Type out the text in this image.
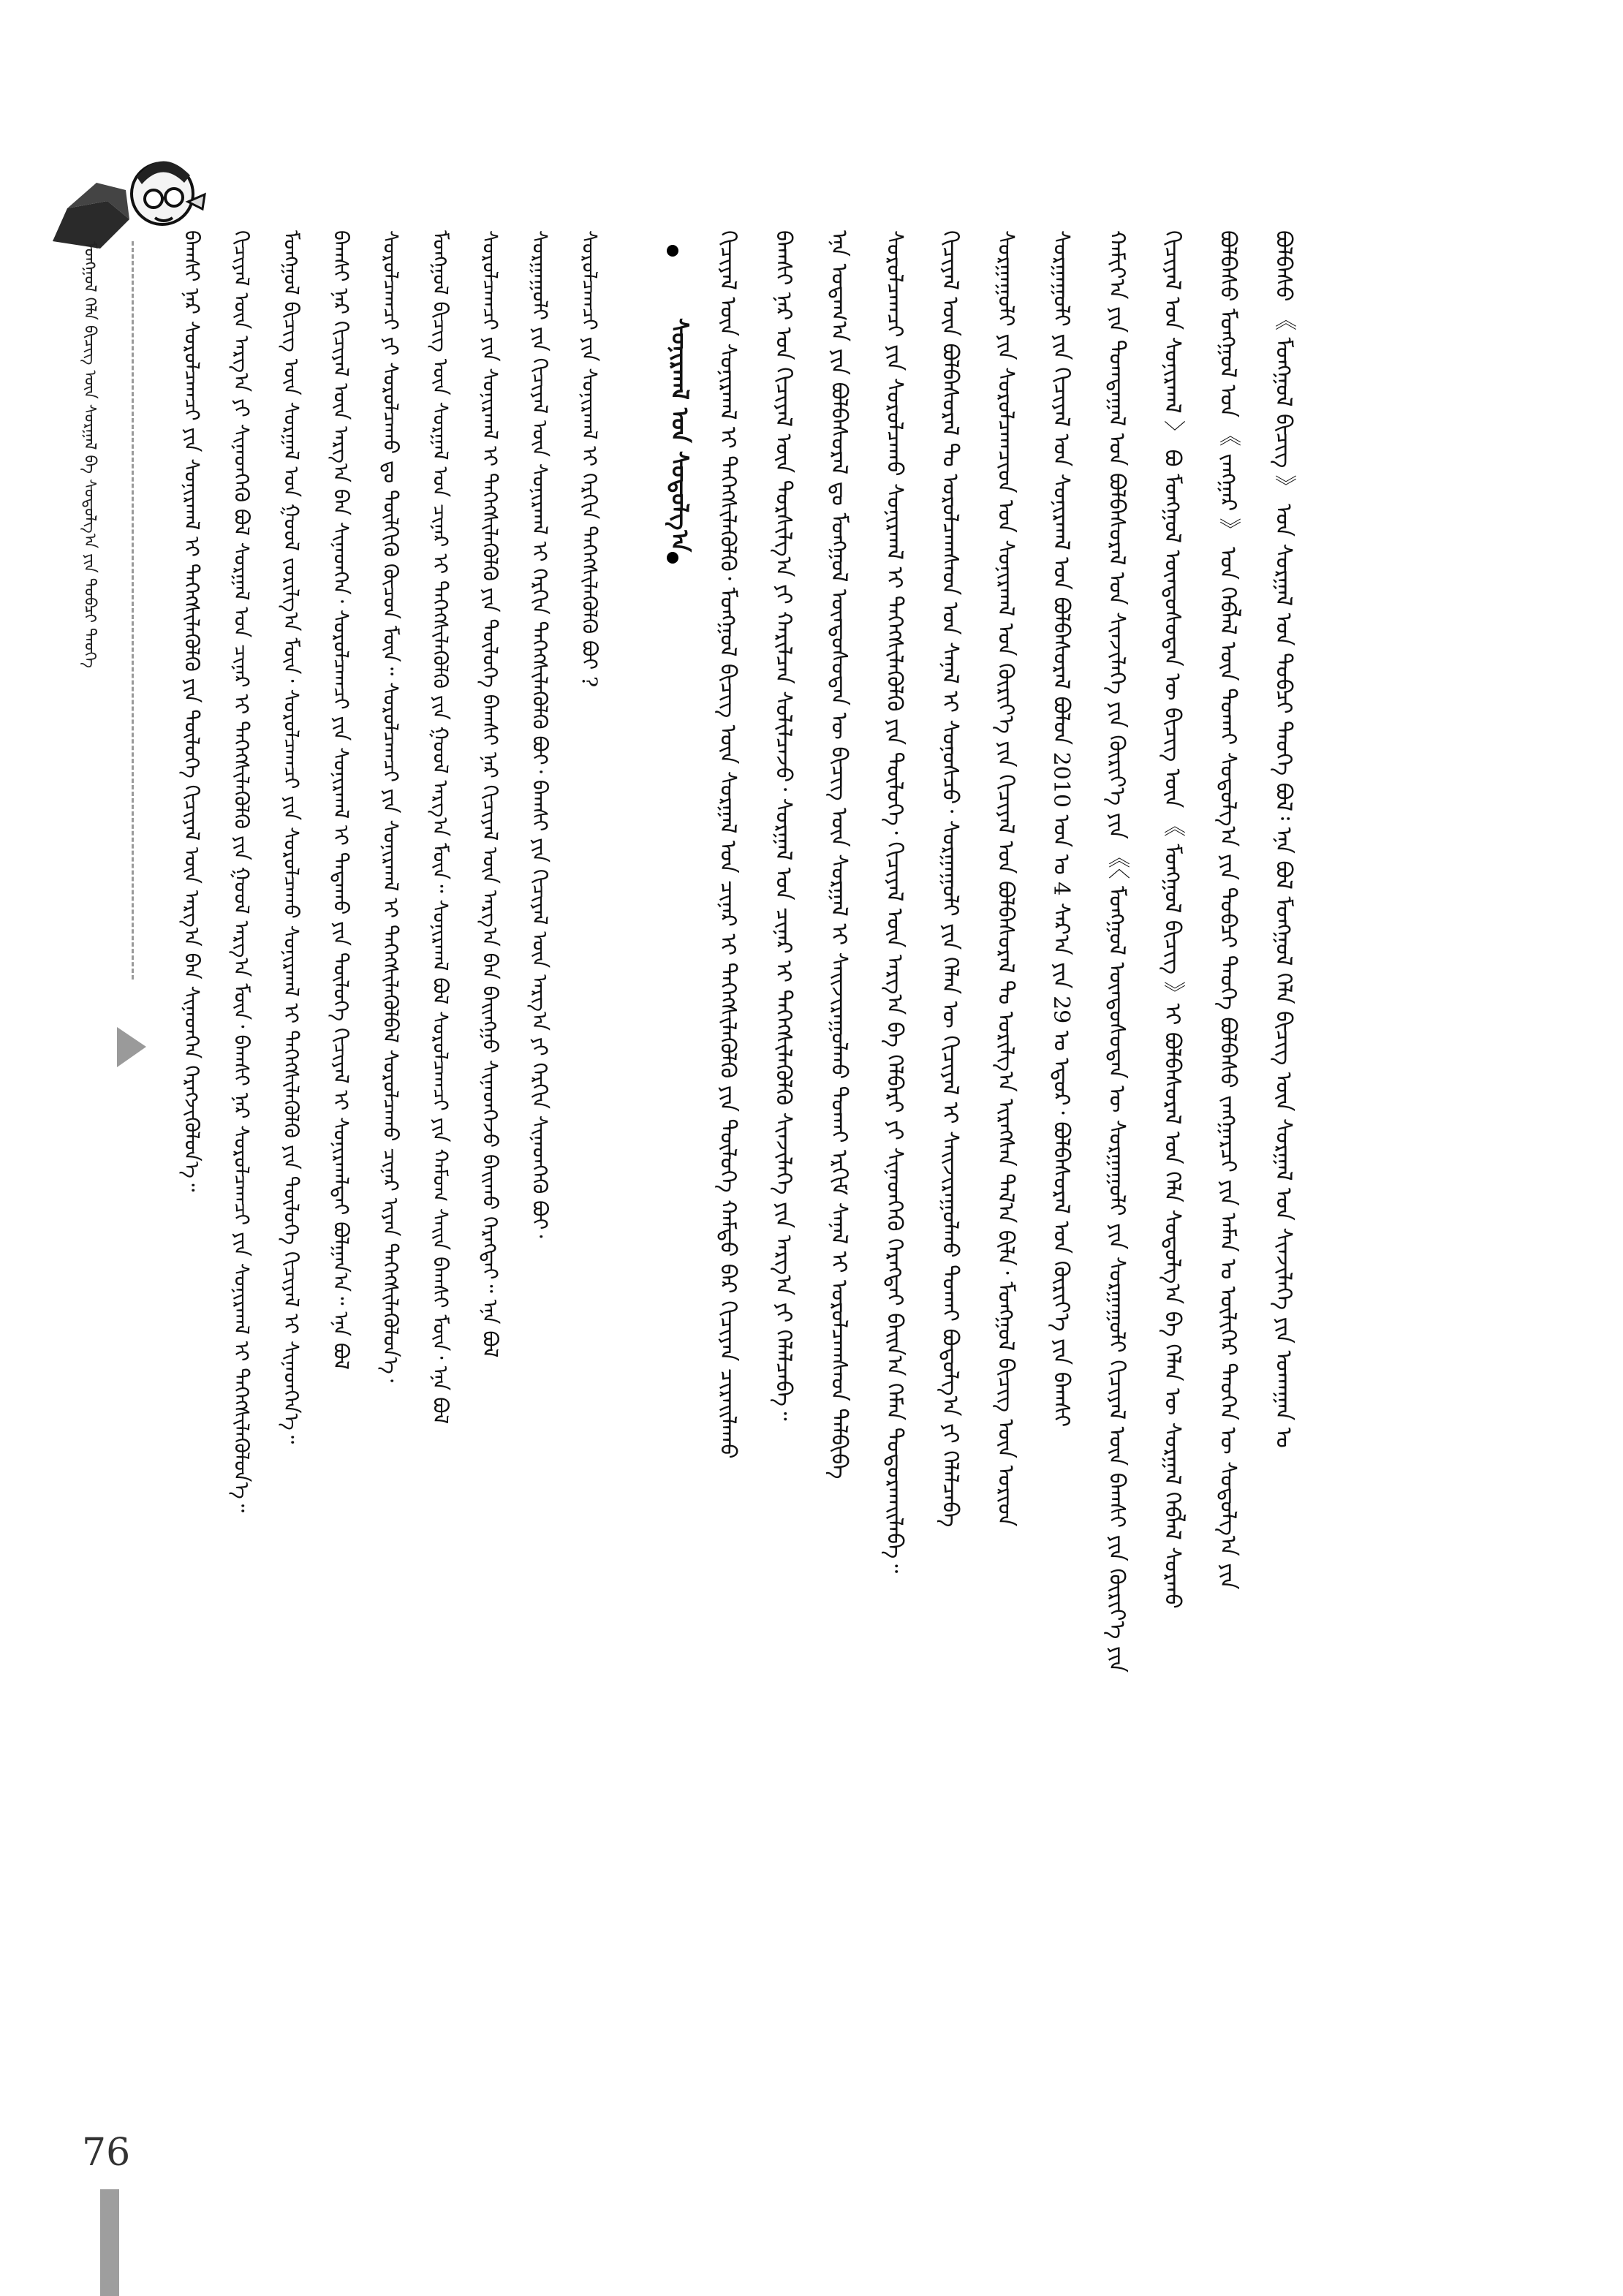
ᠮᠣᠩᠭᠣᠯ ᠬᠡᠯᠡ ᠪᠢᠴᠢᠭ᠌ ᠦᠨ ᠰᠤᠷᠭᠠᠯ ᠪᠠ ᠰᠤᠳᠤᠯᠭ᠎ᠠ ᠶᠢᠨ ᠲᠣᠪᠴᠢ ᠲᠡᠦᠬᠡ	ᠪᠣᠯᠪᠠᠰᠤ ᠮᠣᠩᠭᠣᠯ ᠤᠨ 《 ᠵᠠᠩᠭᠠᠷ 》 ᠤᠨ ᠬᠡᠪᠯᠡᠯ ᠦᠨ ᠲᠤᠬᠠᠢ ᠰᠤᠳᠤᠯᠭ᠎ᠠ ᠶᠢᠨ ᠲᠣᠪᠴᠢ ᠲᠡᠦᠬᠡ ᠪᠣᠯᠪᠠᠰᠤ ᠵᠠᠩᠭᠠᠷᠴᠢ ᠶᠢᠨ ᠠᠮᠠᠨ ᠤ ᠦᠯᠢᠭᠡᠷ ᠲᠡᠦᠬᠡᠨ ᠦ ᠰᠤᠳᠤᠯᠭ᠎ᠠ ᠶᠢᠨ
ᠬᠢᠴᠢᠶᠡᠯ ᠤᠨ ᠰᠣᠨᠢᠷᠬᠠᠯ 〉 ᠪᠣ ᠮᠣᠩᠭᠣᠯ ᠦᠨᠳᠦᠰᠦᠲᠡᠨ ᠦ ᠪᠢᠴᠢᠭ᠌ ᠦᠨ 《 ᠮᠣᠩᠭᠣᠯ ᠪᠢᠴᠢᠭ᠌ 》ᠢ ᠪᠣᠯᠪᠠᠰᠤᠷᠠᠯ ᠤᠨ ᠬᠡᠯᠡ ᠰᠤᠳᠤᠯᠭ᠎ᠠ ᠪᠠ ᠬᠡᠯᠡᠨ ᠦ ᠰᠤᠷᠭᠠᠯ ᠬᠡᠪᠯᠡᠯ ᠰᠤᠷᠬᠤ
ᠬᠠᠮᠢᠶ᠎ᠠ ᠶᠢᠨ ᠲᠣᠭᠲᠠᠭᠠᠯ ᠤᠨ ᠪᠣᠯᠪᠠᠰᠤᠷᠠᠯ ᠤᠨ ᠰᠢᠨᠵᠢᠯᠡᠭᠡ ᠶᠢᠨ ᠬᠦᠷᠢᠶ᠎ᠡ ᠶᠢᠨ 《〈 ᠮᠣᠩᠭᠣᠯ ᠦᠨᠳᠦᠰᠦᠲᠡᠨ ᠦ ᠰᠤᠷᠭᠠᠭᠤᠯᠢ ᠶᠢᠨ ᠰᠤᠷᠭᠠᠭᠤᠯᠢ ᠬᠢᠴᠢᠶᠡᠯ ᠦᠨ ᠪᠠᠭᠰᠢ ᠶᠢᠨ ᠬᠦᠷᠢᠶ᠎ᠡ ᠶᠢᠨ
ᠰᠤᠷᠭᠠᠭᠤᠯᠢ ᠶᠢᠨ ᠬᠢᠴᠢᠶᠡᠯ ᠤᠨ ᠰᠣᠨᠢᠷᠬᠠᠯ ᠤᠨ ᠪᠣᠯᠪᠠᠰᠤᠷᠠᠯ ᠪᠣᠯᠤᠨ 2010 ᠣᠨ ᠤ 4 ᠰᠠᠷ᠎ᠠ ᠶᠢᠨ 29 ᠤ ᠡᠳᠦᠷ᠂ ᠪᠣᠯᠪᠠᠰᠤᠷᠠᠯ ᠤᠨ ᠬᠦᠷᠢᠶ᠎ᠡ ᠶᠢᠨ ᠪᠠᠭᠰᠢ
ᠰᠤᠷᠭᠠᠭᠤᠯᠢ ᠶᠢᠨ ᠰᠤᠷᠤᠯᠴᠠᠭᠴᠢᠳ ᠤᠨ ᠰᠣᠨᠢᠷᠬᠠᠯ ᠤᠨ ᠬᠦᠷᠢᠶ᠎ᠡ ᠶᠢᠨ ᠬᠢᠴᠢᠶᠡᠯ ᠤᠨ ᠪᠣᠯᠪᠠᠰᠤᠷᠠᠯ ᠲᠤ ᠤᠷᠢᠯᠭ᠎ᠠ ᠢᠷᠡᠭᠰᠡᠨ ᠲᠠᠯ᠎ᠠ ᠪᠢᠯᠡ᠂ ᠮᠣᠩᠭᠣᠯ ᠪᠢᠴᠢᠭ᠌ ᠦᠨ ᠤᠷᠢᠳ
ᠬᠢᠴᠢᠶᠡᠯ ᠦᠨ ᠪᠣᠯᠪᠠᠰᠤᠷᠠᠯ ᠲᠤ ᠣᠷᠣᠯᠴᠠᠭᠰᠠᠳ ᠤᠨ ᠰᠠᠨᠠᠯ ᠢ ᠰᠣᠨᠣᠰᠴᠤ᠂ ᠰᠤᠷᠭᠠᠭᠤᠯᠢ ᠶᠢᠨ ᠬᠡᠯᠡᠨ ᠦ ᠬᠢᠴᠢᠶᠡᠯ ᠢ ᠰᠠᠢᠵᠢᠷᠠᠭᠤᠯᠬᠤ ᠲᠤᠬᠠᠢ ᠪᠣᠳᠤᠯᠭ᠎ᠠ ᠶᠢ ᠬᠡᠯᠡᠯᠴᠡᠪᠡ
ᠰᠤᠷᠤᠯᠴᠠᠭᠴᠢ ᠶᠢᠨ ᠰᠤᠷᠤᠯᠴᠠᠬᠤ ᠰᠣᠨᠢᠷᠬᠠᠯ ᠢ ᠳᠡᠭᠡᠭᠰᠢᠯᠡᠭᠦᠯᠬᠦ ᠶᠢᠨ ᠲᠦᠯᠦᠭᠡ᠂ ᠬᠢᠴᠢᠶᠡᠯ ᠦᠨ ᠠᠷᠭ᠎ᠠ ᠪᠠ ᠬᠡᠯᠪᠡᠷᠢ ᠶᠢ ᠰᠢᠨᠡᠳᠬᠡᠬᠦ ᠬᠡᠷᠡᠭᠲᠡᠢ ᠪᠠᠢᠨ᠎ᠠ ᠬᠡᠮᠡᠨ ᠲᠣᠳᠣᠷᠬᠠᠢᠯᠠᠪᠠ᠃
ᠡᠨᠡ ᠤᠳᠠᠭ᠎ᠠ ᠶᠢᠨ ᠪᠣᠯᠪᠠᠰᠤᠷᠠᠯ ᠳᠤ ᠮᠣᠩᠭᠣᠯ ᠦᠨᠳᠦᠰᠦᠲᠡᠨ ᠦ ᠪᠢᠴᠢᠭ᠌ ᠦᠨ ᠰᠤᠷᠭᠠᠯ ᠢ ᠰᠠᠢᠵᠢᠷᠠᠭᠤᠯᠬᠤ ᠲᠤᠬᠠᠢ ᠡᠷᠬᠢᠮ ᠰᠠᠨᠠᠯ ᠢ ᠣᠷᠣᠯᠴᠠᠭᠰᠠᠳ ᠲᠠᠯᠪᠢᠪᠠ
ᠪᠠᠭᠰᠢ ᠨᠠᠷ ᠤᠨ ᠬᠢᠴᠢᠶᠡᠯ ᠦᠨ ᠲᠤᠷᠰᠢᠯᠭ᠎ᠠ ᠶᠢ ᠬᠠᠷᠢᠯᠴᠠᠨ ᠰᠣᠯᠢᠯᠴᠠᠵᠤ᠂ ᠰᠤᠷᠭᠠᠯ ᠤᠨ ᠴᠢᠨᠠᠷ ᠢ ᠳᠡᠭᠡᠭᠰᠢᠯᠡᠭᠦᠯᠬᠦ ᠰᠢᠨᠵᠢᠯᠡᠭᠡ ᠶᠢᠨ ᠠᠷᠭ᠎ᠠ ᠶᠢ ᠬᠡᠯᠡᠯᠴᠡᠪᠡ᠃
ᠬᠢᠴᠢᠶᠡᠯ ᠦᠨ ᠰᠣᠨᠢᠷᠬᠠᠯ ᠢ ᠳᠡᠭᠡᠭᠰᠢᠯᠡᠭᠦᠯᠬᠦ᠂ ᠮᠣᠩᠭᠣᠯ ᠪᠢᠴᠢᠭ᠌ ᠦᠨ ᠰᠤᠷᠭᠠᠯ ᠤᠨ ᠴᠢᠨᠠᠷ ᠢ ᠳᠡᠭᠡᠭᠰᠢᠯᠡᠭᠦᠯᠬᠦ ᠶᠢᠨ ᠲᠦᠯᠦᠭᠡ ᠬᠠᠮᠲᠤ ᠪᠠᠷ ᠬᠢᠴᠢᠶᠡᠨ ᠴᠢᠷᠠᠢᠯᠠᠬᠤ	ᠪᠣᠯᠪᠠᠰᠤ 《 ᠮᠣᠩᠭᠣᠯ ᠪᠢᠴᠢᠭ᠌ 》 ᠤᠨ ᠰᠤᠷᠭᠠᠯ ᠤᠨ ᠲᠣᠪᠴᠢ ᠲᠡᠦᠬᠡ ᠪᠣᠯ᠄ ᠡᠨᠡ ᠪᠣᠯ ᠮᠣᠩᠭᠣᠯ ᠬᠡᠯᠡ ᠪᠢᠴᠢᠭ᠌ ᠦᠨ ᠰᠤᠷᠭᠠᠯ ᠤᠨ ᠰᠢᠨᠵᠢᠯᠡᠭᠡ ᠶᠢᠨ ᠤᠬᠠᠭᠠᠨ ᠤ
ᠰᠣᠨᠢᠷᠬᠠᠯ ᠤᠨ ᠰᠤᠳᠤᠯᠭ᠎ᠠ
ᠰᠤᠷᠤᠯᠴᠠᠭᠴᠢ ᠶᠢᠨ ᠰᠣᠨᠢᠷᠬᠠᠯ ᠢ ᠬᠡᠷᠬᠢᠨ ᠳᠡᠭᠡᠭᠰᠢᠯᠡᠭᠦᠯᠬᠦ ᠪᠣᠢ ?
ᠰᠤᠷᠭᠠᠭᠤᠯᠢ ᠶᠢᠨ ᠬᠢᠴᠢᠶᠡᠯ ᠦᠨ ᠰᠣᠨᠢᠷᠬᠠᠯ ᠢ ᠬᠡᠷᠬᠢᠨ ᠳᠡᠭᠡᠭᠰᠢᠯᠡᠭᠦᠯᠬᠦ ᠪᠣᠢ᠂ ᠪᠠᠭᠰᠢ ᠶᠢᠨ ᠬᠢᠴᠢᠶᠡᠯ ᠦᠨ ᠠᠷᠭ᠎ᠠ ᠶᠢ ᠬᠡᠷᠬᠢᠨ ᠰᠢᠨᠡᠳᠬᠡᠬᠦ ᠪᠣᠢ᠂
ᠰᠤᠷᠤᠯᠴᠠᠭᠴᠢ ᠶᠢᠨ ᠰᠣᠨᠢᠷᠬᠠᠯ ᠢ ᠳᠡᠭᠡᠭᠰᠢᠯᠡᠭᠦᠯᠬᠦ ᠶᠢᠨ ᠲᠦᠯᠦᠭᠡ ᠪᠠᠭᠰᠢ ᠨᠠᠷ ᠬᠢᠴᠢᠶᠡᠯ ᠦᠨ ᠠᠷᠭ᠎ᠠ ᠪᠠᠨ ᠪᠠᠢᠩᠭᠤ ᠰᠢᠨᠡᠳᠬᠡᠵᠦ ᠪᠠᠢᠬᠤ ᠬᠡᠷᠡᠭᠲᠡᠢ᠃ ᠡᠨᠡ ᠪᠣᠯ
ᠮᠣᠩᠭᠣᠯ ᠪᠢᠴᠢᠭ᠌ ᠦᠨ ᠰᠤᠷᠭᠠᠯ ᠤᠨ ᠴᠢᠨᠠᠷ ᠢ ᠳᠡᠭᠡᠭᠰᠢᠯᠡᠭᠦᠯᠬᠦ ᠶᠢᠨ ᠭᠣᠣᠯ ᠠᠷᠭ᠎ᠠ ᠮᠥᠨ᠃ ᠰᠣᠨᠢᠷᠬᠠᠯ ᠪᠣᠯ ᠰᠤᠷᠤᠯᠴᠠᠭᠴᠢ ᠶᠢᠨ ᠬᠠᠮᠤᠭ ᠰᠠᠢᠨ ᠪᠠᠭᠰᠢ ᠮᠥᠨ᠂ ᠡᠨᠡ ᠪᠣᠯ
ᠰᠤᠷᠤᠯᠴᠠᠭᠴᠢ ᠶᠢ ᠰᠤᠷᠤᠯᠴᠠᠬᠤ ᠳᠤ ᠲᠦᠯᠬᠢᠬᠦ ᠬᠦᠴᠦᠨ ᠮᠥᠨ᠃ ᠰᠤᠷᠤᠯᠴᠠᠭᠴᠢ ᠶᠢᠨ ᠰᠣᠨᠢᠷᠬᠠᠯ ᠢ ᠳᠡᠭᠡᠭᠰᠢᠯᠡᠭᠦᠯᠪᠡᠯ ᠰᠤᠷᠤᠯᠴᠠᠬᠤ ᠴᠢᠨᠠᠷ ᠢᠶᠠᠨ ᠳᠡᠭᠡᠭᠰᠢᠯᠡᠭᠦᠯᠦᠨ᠎ᠡ᠂
ᠪᠠᠭᠰᠢ ᠨᠠᠷ ᠬᠢᠴᠢᠶᠡᠯ ᠦᠨ ᠠᠷᠭ᠎ᠠ ᠪᠠᠨ ᠰᠢᠨᠡᠳᠬᠡᠨ᠂ ᠰᠤᠷᠤᠯᠴᠠᠭᠴᠢ ᠶᠢᠨ ᠰᠣᠨᠢᠷᠬᠠᠯ ᠢ ᠲᠠᠲᠠᠬᠤ ᠶᠢᠨ ᠲᠥᠯᠥᠭᠡ ᠬᠢᠴᠢᠶᠡᠯ ᠢ ᠰᠣᠨᠢᠷᠬᠠᠯᠲᠠᠢ ᠪᠣᠯᠭᠠᠨ᠎ᠠ᠃ ᠡᠨᠡ ᠪᠣᠯ
ᠮᠣᠩᠭᠣᠯ ᠪᠢᠴᠢᠭ᠌ ᠦᠨ ᠰᠤᠷᠭᠠᠯ ᠤᠨ ᠭᠣᠣᠯ ᠵᠣᠷᠢᠯᠭ᠎ᠠ ᠮᠥᠨ᠂ ᠰᠤᠷᠤᠯᠴᠠᠭᠴᠢ ᠶᠢᠨ ᠰᠤᠷᠤᠯᠴᠠᠬᠤ ᠰᠣᠨᠢᠷᠬᠠᠯ ᠢ ᠳᠡᠭᠡᠭᠰᠢᠯᠡᠭᠦᠯᠬᠦ ᠶᠢᠨ ᠲᠦᠯᠦᠭᠡ ᠬᠢᠴᠢᠶᠡᠯ ᠢ ᠰᠢᠨᠡᠳᠬᠡᠨ᠎ᠡ᠃
ᠬᠢᠴᠢᠶᠡᠯ ᠦᠨ ᠠᠷᠭ᠎ᠠ ᠶᠢ ᠰᠢᠨᠡᠳᠬᠡᠬᠦ ᠪᠣᠯ ᠰᠤᠷᠭᠠᠯ ᠤᠨ ᠴᠢᠨᠠᠷ ᠢ ᠳᠡᠭᠡᠭᠰᠢᠯᠡᠭᠦᠯᠬᠦ ᠶᠢᠨ ᠭᠣᠣᠯ ᠠᠷᠭ᠎ᠠ ᠮᠥᠨ᠂ ᠪᠠᠭᠰᠢ ᠨᠠᠷ ᠰᠤᠷᠤᠯᠴᠠᠭᠴᠢ ᠶᠢᠨ ᠰᠣᠨᠢᠷᠬᠠᠯ ᠢ ᠳᠡᠭᠡᠭᠰᠢᠯᠡᠭᠦᠯᠦᠨ᠎ᠡ᠃
ᠪᠠᠭᠰᠢ ᠨᠠᠷ ᠰᠤᠷᠤᠯᠴᠠᠭᠴᠢ ᠶᠢᠨ ᠰᠣᠨᠢᠷᠬᠠᠯ ᠢ ᠳᠡᠭᠡᠭᠰᠢᠯᠡᠭᠦᠯᠬᠦ ᠶᠢᠨ ᠲᠦᠯᠦᠭᠡ ᠬᠢᠴᠢᠶᠡᠯ ᠦᠨ ᠠᠷᠭ᠎ᠠ ᠪᠠᠨ ᠰᠢᠨᠡᠳᠬᠡᠨ ᠬᠡᠷᠡᠭᠵᠢᠭᠦᠯᠦᠨ᠎ᠡ᠃
76
